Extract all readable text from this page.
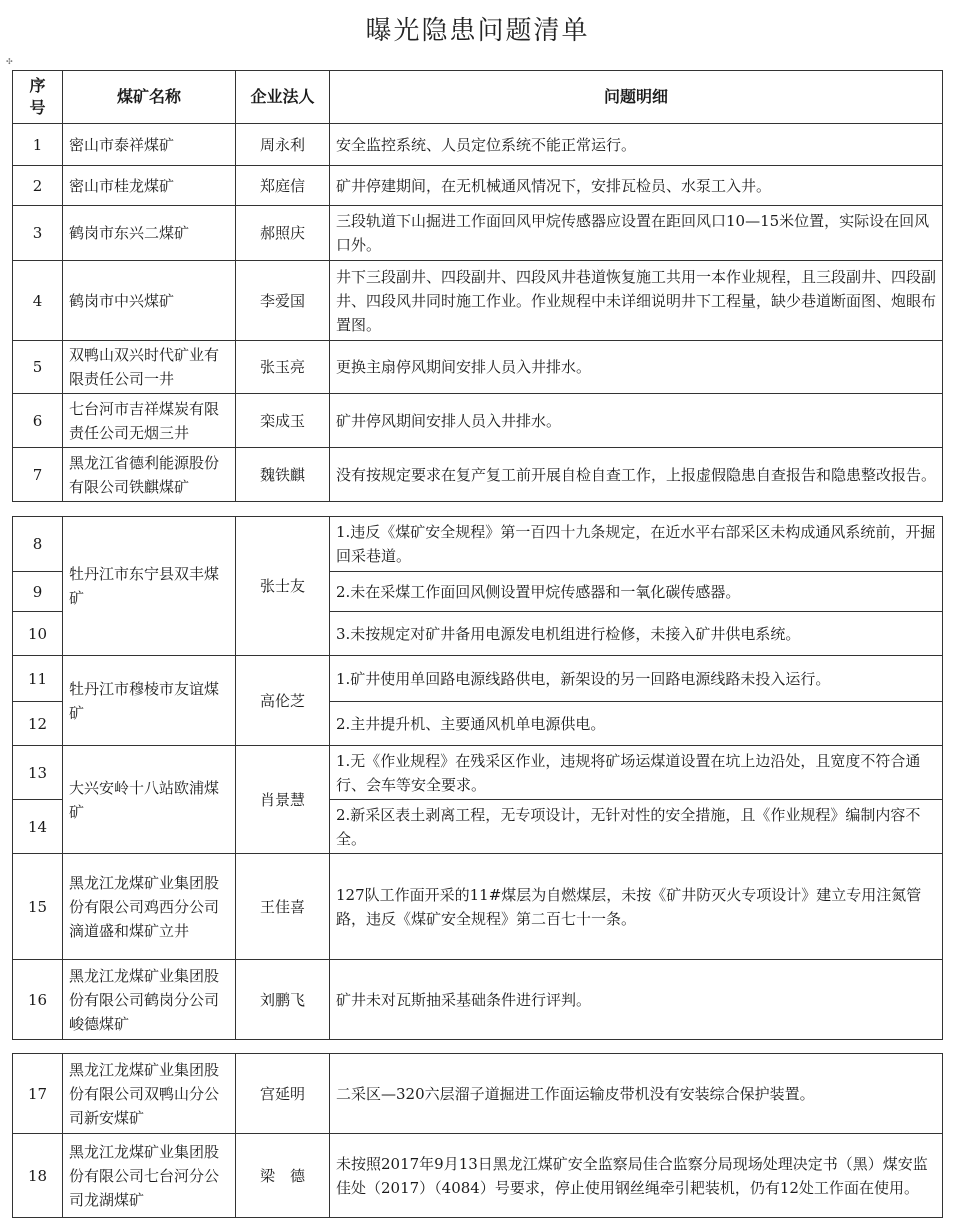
曝光隐患问题清单
✣
序号	煤矿名称	企业法人	问题明细
1	密山市泰祥煤矿	周永利	安全监控系统、人员定位系统不能正常运行。
2	密山市桂龙煤矿	郑庭信	矿井停建期间，在无机械通风情况下，安排瓦检员、水泵工入井。
3	鹤岗市东兴二煤矿	郝照庆	三段轨道下山掘进工作面回风甲烷传感器应设置在距回风口10—15米位置，实际设在回风口外。
4	鹤岗市中兴煤矿	李爱国	井下三段副井、四段副井、四段风井巷道恢复施工共用一本作业规程，且三段副井、四段副井、四段风井同时施工作业。作业规程中未详细说明井下工程量，缺少巷道断面图、炮眼布置图。
5	双鸭山双兴时代矿业有限责任公司一井	张玉亮	更换主扇停风期间安排人员入井排水。
6	七台河市吉祥煤炭有限责任公司无烟三井	栾成玉	矿井停风期间安排人员入井排水。
7	黑龙江省德利能源股份有限公司铁麒煤矿	魏铁麒	没有按规定要求在复产复工前开展自检自查工作，上报虚假隐患自查报告和隐患整改报告。
8	牡丹江市东宁县双丰煤矿	张士友	1.违反《煤矿安全规程》第一百四十九条规定，在近水平右部采区未构成通风系统前，开掘回采巷道。
9			2.未在采煤工作面回风侧设置甲烷传感器和一氧化碳传感器。
10			3.未按规定对矿井备用电源发电机组进行检修，未接入矿井供电系统。
11	牡丹江市穆棱市友谊煤矿	高伦芝	1.矿井使用单回路电源线路供电，新架设的另一回路电源线路未投入运行。
12			2.主井提升机、主要通风机单电源供电。
13	大兴安岭十八站欧浦煤矿	肖景慧	1.无《作业规程》在残采区作业，违规将矿场运煤道设置在坑上边沿处，且宽度不符合通行、会车等安全要求。
14			2.新采区表土剥离工程，无专项设计，无针对性的安全措施，且《作业规程》编制内容不全。
15	黑龙江龙煤矿业集团股份有限公司鸡西分公司滴道盛和煤矿立井	王佳喜	127队工作面开采的11#煤层为自燃煤层，未按《矿井防灭火专项设计》建立专用注氮管路，违反《煤矿安全规程》第二百七十一条。
16	黑龙江龙煤矿业集团股份有限公司鹤岗分公司峻德煤矿	刘鹏飞	矿井未对瓦斯抽采基础条件进行评判。
17	黑龙江龙煤矿业集团股份有限公司双鸭山分公司新安煤矿	宫延明	二采区—320六层溜子道掘进工作面运输皮带机没有安装综合保护装置。
18	黑龙江龙煤矿业集团股份有限公司七台河分公司龙湖煤矿	梁　德	未按照2017年9月13日黑龙江煤矿安全监察局佳合监察分局现场处理决定书（黑）煤安监佳处（2017）（4084）号要求，停止使用钢丝绳牵引耙装机，仍有12处工作面在使用。
